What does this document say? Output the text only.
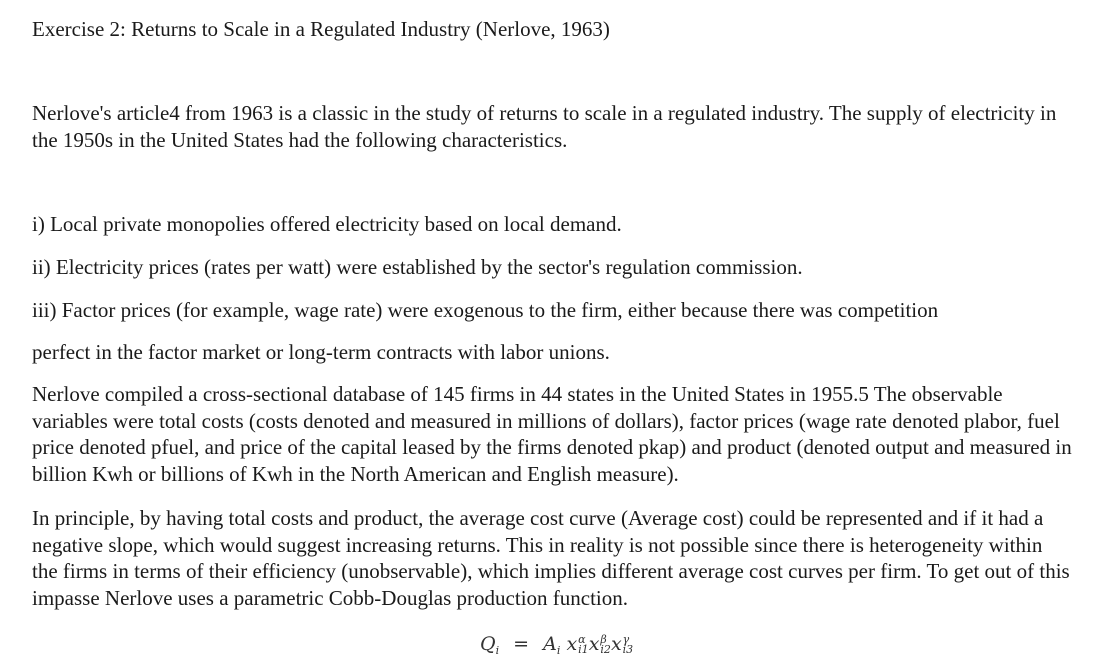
Exercise 2: Returns to Scale in a Regulated Industry (Nerlove, 1963)

Nerlove's article4 from 1963 is a classic in the study of returns to scale in a regulated industry. The supply of electricity in the 1950s in the United States had the following characteristics.

i) Local private monopolies offered electricity based on local demand.

ii) Electricity prices (rates per watt) were established by the sector's regulation commission.

iii) Factor prices (for example, wage rate) were exogenous to the firm, either because there was competition

perfect in the factor market or long-term contracts with labor unions.

Nerlove compiled a cross-sectional database of 145 firms in 44 states in the United States in 1955.5 The observable variables were total costs (costs denoted and measured in millions of dollars), factor prices (wage rate denoted plabor, fuel price denoted pfuel, and price of the capital leased by the firms denoted pkap) and product (denoted output and measured in billion Kwh or billions of Kwh in the North American and English measure).

In principle, by having total costs and product, the average cost curve (Average cost) could be represented and if it had a negative slope, which would suggest increasing returns. This in reality is not possible since there is heterogeneity within the firms in terms of their efficiency (unobservable), which implies different average cost curves per firm. To get out of this impasse Nerlove uses a parametric Cobb-Douglas production function.

$Q_i = A_i$ x α
i1 x β
i2 x γ
i3
